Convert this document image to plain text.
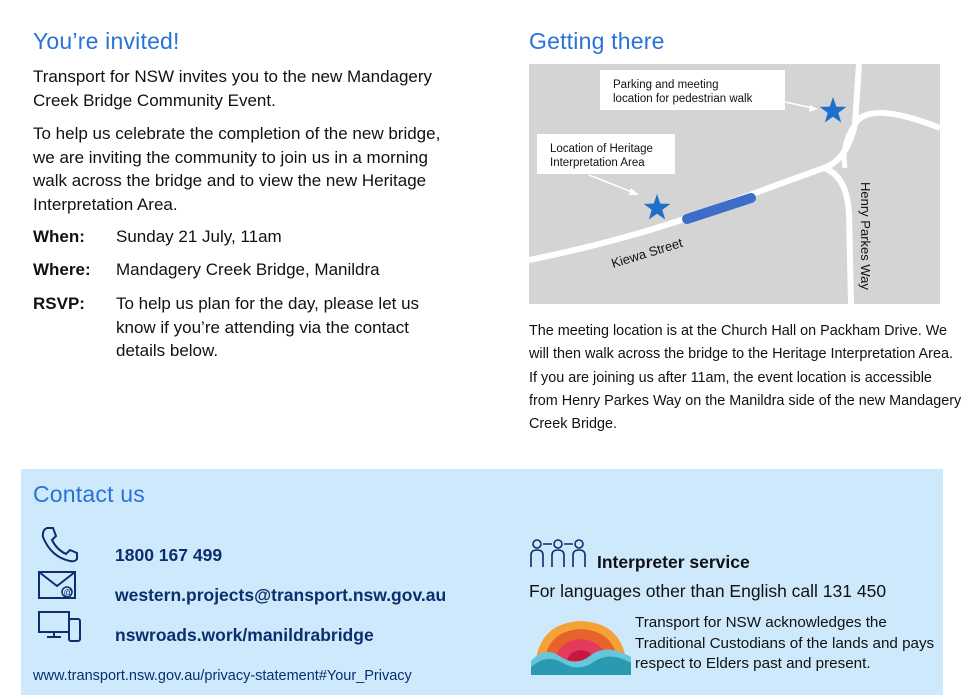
You’re invited!

Transport for NSW invites you to the new Mandagery Creek Bridge Community Event.

To help us celebrate the completion of the new bridge, we are inviting the community to join us in a morning walk across the bridge and to view the new Heritage Interpretation Area.

When: Sunday 21 July, 11am
Where: Mandagery Creek Bridge, Manildra
RSVP: To help us plan for the day, please let us know if you’re attending via the contact details below.
Getting there
Parking and meeting
location for pedestrian walk
Location of Heritage
Interpretation Area
Kiewa Street	Henry Parkes Way

The meeting location is at the Church Hall on Packham Drive. We will then walk across the bridge to the Heritage Interpretation Area. If you are joining us after 11am, the event location is accessible from Henry Parkes Way on the Manildra side of the new Mandagery Creek Bridge.

Contact us
1800 167 499
@ western.projects@transport.nsw.gov.au
nswroads.work/manildrabridge
www.transport.nsw.gov.au/privacy-statement#Your_Privacy
Interpreter service
For languages other than English call 131 450

Transport for NSW acknowledges the Traditional Custodians of the lands and pays respect to Elders past and present.
